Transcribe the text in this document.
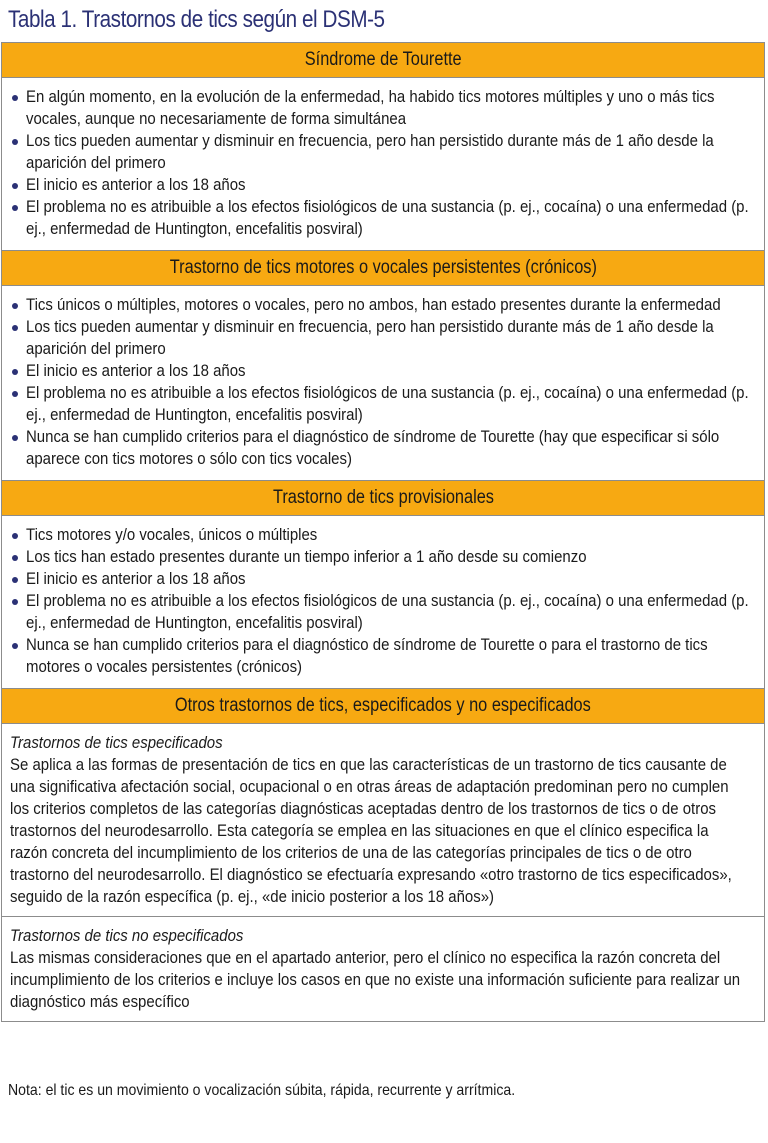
Tabla 1. Trastornos de tics según el DSM-5
Síndrome de Tourette
En algún momento, en la evolución de la enfermedad, ha habido tics motores múltiples y uno o más tics vocales, aunque no necesariamente de forma simultánea
Los tics pueden aumentar y disminuir en frecuencia, pero han persistido durante más de 1 año desde la aparición del primero
El inicio es anterior a los 18 años
El problema no es atribuible a los efectos fisiológicos de una sustancia (p. ej., cocaína) o una enfermedad (p. ej., enfermedad de Huntington, encefalitis posviral)
Trastorno de tics motores o vocales persistentes (crónicos)
Tics únicos o múltiples, motores o vocales, pero no ambos, han estado presentes durante la enfermedad
Los tics pueden aumentar y disminuir en frecuencia, pero han persistido durante más de 1 año desde la aparición del primero
El inicio es anterior a los 18 años
El problema no es atribuible a los efectos fisiológicos de una sustancia (p. ej., cocaína) o una enfermedad (p. ej., enfermedad de Huntington, encefalitis posviral)
Nunca se han cumplido criterios para el diagnóstico de síndrome de Tourette (hay que especificar si sólo aparece con tics motores o sólo con tics vocales)
Trastorno de tics provisionales
Tics motores y/o vocales, únicos o múltiples
Los tics han estado presentes durante un tiempo inferior a 1 año desde su comienzo
El inicio es anterior a los 18 años
El problema no es atribuible a los efectos fisiológicos de una sustancia (p. ej., cocaína) o una enfermedad (p. ej., enfermedad de Huntington, encefalitis posviral)
Nunca se han cumplido criterios para el diagnóstico de síndrome de Tourette o para el trastorno de tics motores o vocales persistentes (crónicos)
Otros trastornos de tics, especificados y no especificados
Trastornos de tics especificados
Se aplica a las formas de presentación de tics en que las características de un trastorno de tics causante de una significativa afectación social, ocupacional o en otras áreas de adaptación predominan pero no cumplen los criterios completos de las categorías diagnósticas aceptadas dentro de los trastornos de tics o de otros trastornos del neurodesarrollo. Esta categoría se emplea en las situaciones en que el clínico especifica la razón concreta del incumplimiento de los criterios de una de las categorías principales de tics o de otro trastorno del neurodesarrollo. El diagnóstico se efectuaría expresando «otro trastorno de tics especificados», seguido de la razón específica (p. ej., «de inicio posterior a los 18 años»)
Trastornos de tics no especificados
Las mismas consideraciones que en el apartado anterior, pero el clínico no especifica la razón concreta del incumplimiento de los criterios e incluye los casos en que no existe una información suficiente para realizar un diagnóstico más específico
Nota: el tic es un movimiento o vocalización súbita, rápida, recurrente y arrítmica.
